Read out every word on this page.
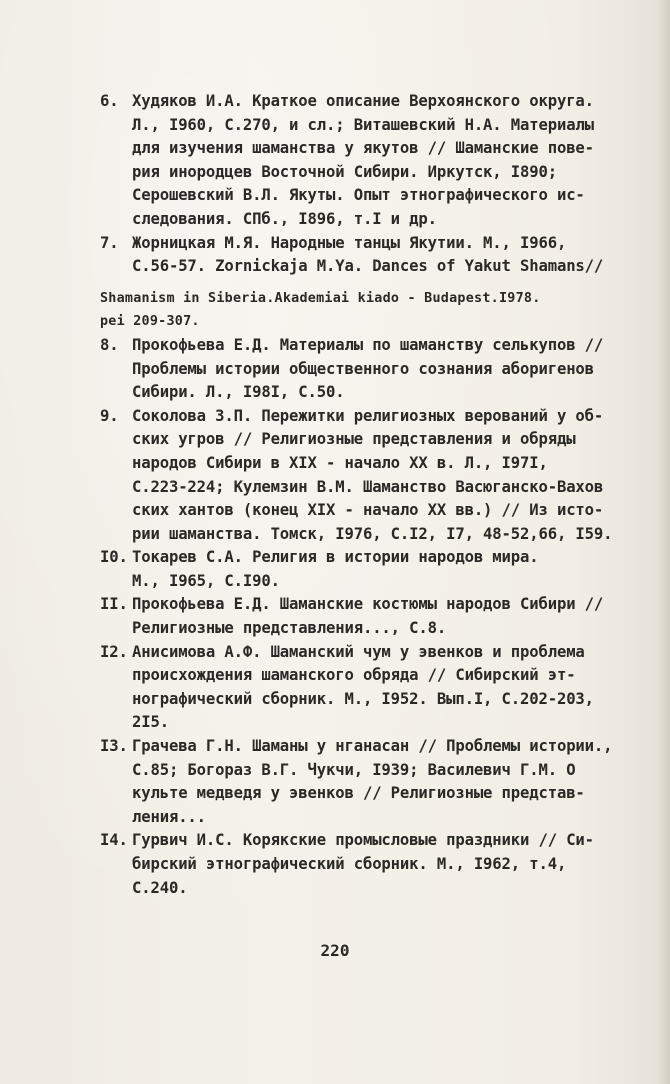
6. Худяков И.А. Краткое описание Верхоянского округа.
Л., I960, С.270, и сл.; Виташевский Н.А. Материалы
для изучения шаманства у якутов // Шаманские пове-
рия инородцев Восточной Сибири. Иркутск, I890;
Серошевский В.Л. Якуты. Опыт этнографического ис-
следования. СПб., I896, т.I и др.
7. Жорницкая М.Я. Народные танцы Якутии. М., I966,
С.56-57. Zornickaja M.Ya. Dances of Yakut Shamans//
Shamanism in Siberia.Akademiai kiado - Budapest.I978.
pei 209-307.
8. Прокофьева Е.Д. Материалы по шаманству селькупов //
Проблемы истории общественного сознания аборигенов
Сибири. Л., I98I, С.50.
9. Соколова З.П. Пережитки религиозных верований у об-
ских угров // Религиозные представления и обряды
народов Сибири в XIX - начало XX в. Л., I97I,
С.223-224; Кулемзин В.М. Шаманство Васюганско-Вахов
ских хантов (конец XIX - начало XX вв.) // Из исто-
рии шаманства. Томск, I976, С.I2, I7, 48-52,66, I59.
I0. Токарев С.А. Религия в истории народов мира.
М., I965, С.I90.
II. Прокофьева Е.Д. Шаманские костюмы народов Сибири //
Религиозные представления..., С.8.
I2. Анисимова А.Ф. Шаманский чум у эвенков и проблема
происхождения шаманского обряда // Сибирский эт-
нографический сборник. М., I952. Вып.I, С.202-203,
2I5.
I3. Грачева Г.Н. Шаманы у нганасан // Проблемы истории.,
С.85; Богораз В.Г. Чукчи, I939; Василевич Г.М. О
культе медведя у эвенков // Религиозные представ-
ления...
I4. Гурвич И.С. Корякские промысловые праздники // Си-
бирский этнографический сборник. М., I962, т.4,
С.240.
220
